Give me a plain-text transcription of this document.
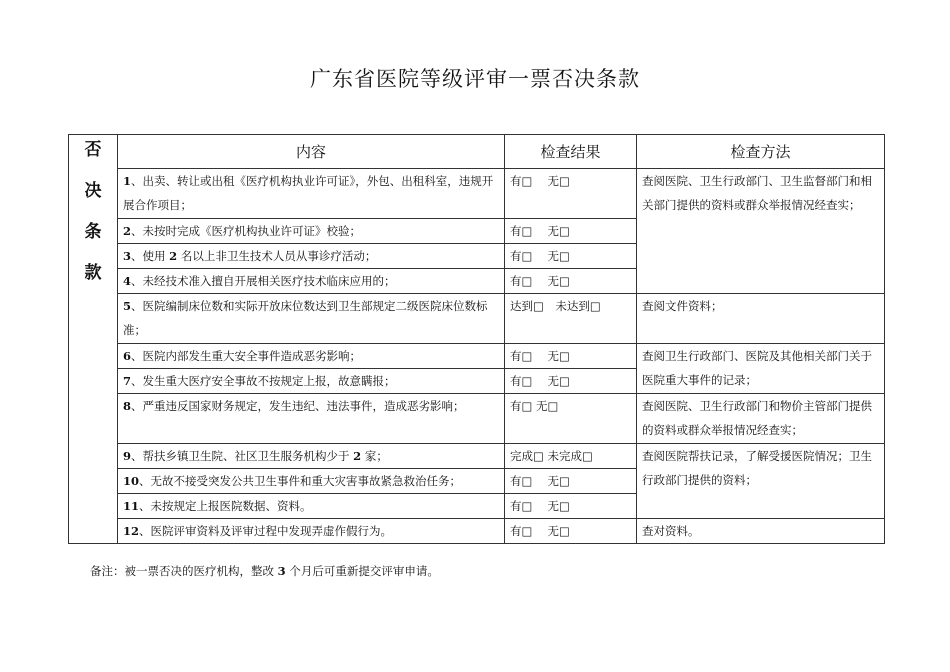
广东省医院等级评审一票否决条款
否
决
条
款	内容	检查结果	检查方法
	1、出卖、转让或出租《医疗机构执业许可证》，外包、出租科室，违规开展合作项目；	有□　 无□	查阅医院、卫生行政部门、卫生监督部门和相关部门提供的资料或群众举报情况经查实；
	2、未按时完成《医疗机构执业许可证》校验；	有□　 无□	
	3、使用 2 名以上非卫生技术人员从事诊疗活动；	有□　 无□	
	4、未经技术准入擅自开展相关医疗技术临床应用的；	有□　 无□	
	5、医院编制床位数和实际开放床位数达到卫生部规定二级医院床位数标准；	达到□　未达到□	查阅文件资料；
	6、医院内部发生重大安全事件造成恶劣影响；	有□　 无□	查阅卫生行政部门、医院及其他相关部门关于医院重大事件的记录；
	7、发生重大医疗安全事故不按规定上报，故意瞒报；	有□　 无□	
	8、严重违反国家财务规定，发生违纪、违法事件，造成恶劣影响；	有□ 无□	查阅医院、卫生行政部门和物价主管部门提供的资料或群众举报情况经查实；
	9、帮扶乡镇卫生院、社区卫生服务机构少于 2 家；	完成□ 未完成□	查阅医院帮扶记录，了解受援医院情况；卫生行政部门提供的资料；
	10、无故不接受突发公共卫生事件和重大灾害事故紧急救治任务；	有□　 无□	
	11、未按规定上报医院数据、资料。	有□　 无□	
	12、医院评审资料及评审过程中发现弄虚作假行为。	有□　 无□	查对资料。
备注：被一票否决的医疗机构，整改 3 个月后可重新提交评审申请。
